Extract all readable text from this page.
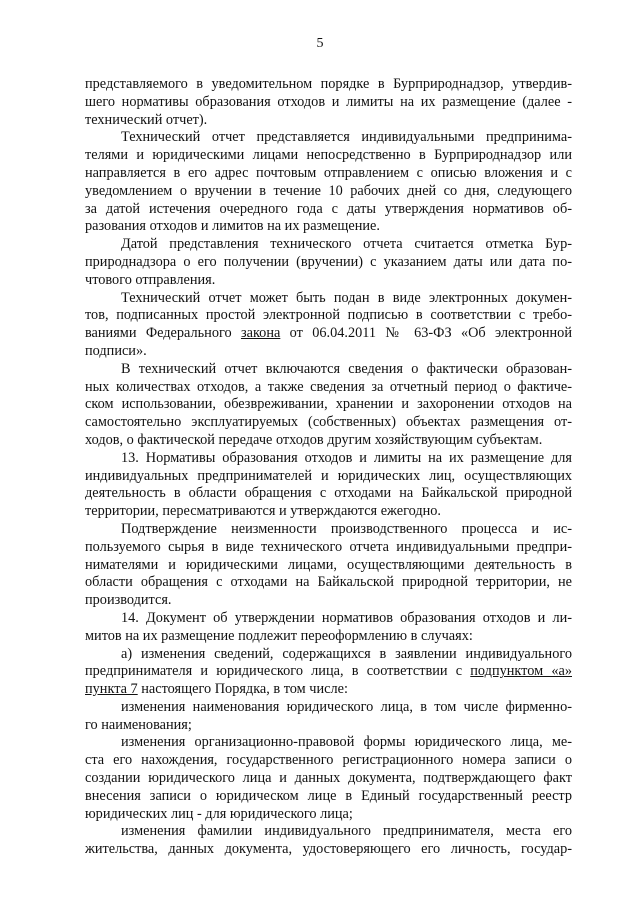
5
представляемого в уведомительном порядке в Бурприроднадзор, утвердив-
шего нормативы образования отходов и лимиты на их размещение (далее -
технический отчет).
Технический отчет представляется индивидуальными предпринима-
телями и юридическими лицами непосредственно в Бурприроднадзор или
направляется в его адрес почтовым отправлением с описью вложения и с
уведомлением о вручении в течение 10 рабочих дней со дня, следующего
за датой истечения очередного года с даты утверждения нормативов об-
разования отходов и лимитов на их размещение.
Датой представления технического отчета считается отметка Бур-
природнадзора о его получении (вручении) с указанием даты или дата по-
чтового отправления.
Технический отчет может быть подан в виде электронных докумен-
тов, подписанных простой электронной подписью в соответствии с требо-
ваниями Федерального закона от 06.04.2011 № 63-ФЗ «Об электронной
подписи».
В технический отчет включаются сведения о фактически образован-
ных количествах отходов, а также сведения за отчетный период о фактиче-
ском использовании, обезвреживании, хранении и захоронении отходов на
самостоятельно эксплуатируемых (собственных) объектах размещения от-
ходов, о фактической передаче отходов другим хозяйствующим субъектам.
13. Нормативы образования отходов и лимиты на их размещение для
индивидуальных предпринимателей и юридических лиц, осуществляющих
деятельность в области обращения с отходами на Байкальской природной
территории, пересматриваются и утверждаются ежегодно.
Подтверждение неизменности производственного процесса и ис-
пользуемого сырья в виде технического отчета индивидуальными предпри-
нимателями и юридическими лицами, осуществляющими деятельность в
области обращения с отходами на Байкальской природной территории, не
производится.
14. Документ об утверждении нормативов образования отходов и ли-
митов на их размещение подлежит переоформлению в случаях:
а) изменения сведений, содержащихся в заявлении индивидуального
предпринимателя и юридического лица, в соответствии с подпунктом «а»
пункта 7 настоящего Порядка, в том числе:
изменения наименования юридического лица, в том числе фирменно-
го наименования;
изменения организационно-правовой формы юридического лица, ме-
ста его нахождения, государственного регистрационного номера записи о
создании юридического лица и данных документа, подтверждающего факт
внесения записи о юридическом лице в Единый государственный реестр
юридических лиц - для юридического лица;
изменения фамилии индивидуального предпринимателя, места его
жительства, данных документа, удостоверяющего его личность, государ-
